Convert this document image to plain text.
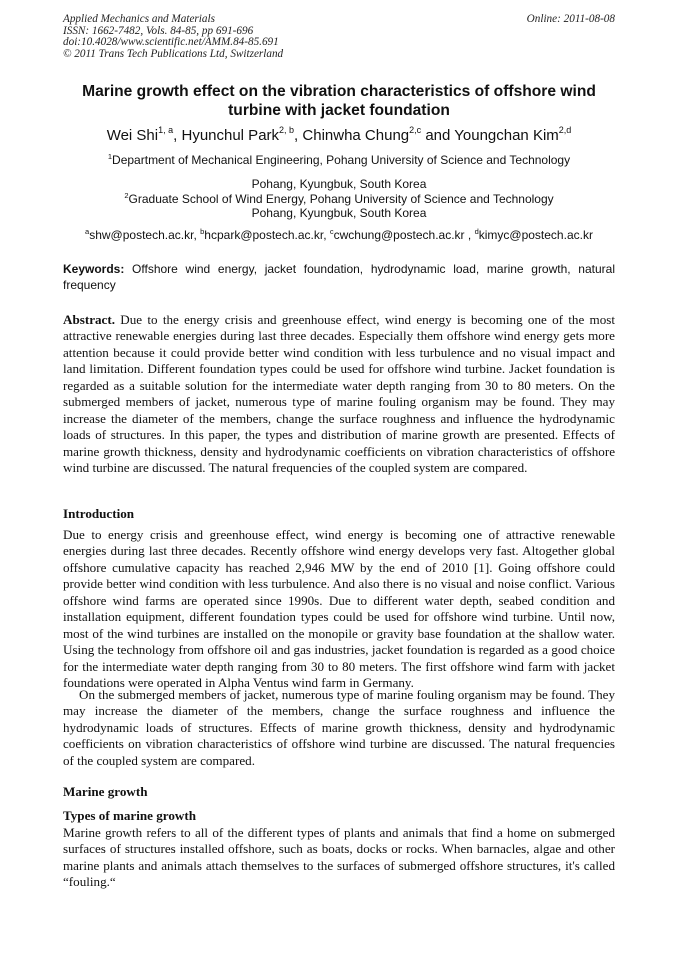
Applied Mechanics and Materials
ISSN: 1662-7482, Vols. 84-85, pp 691-696
doi:10.4028/www.scientific.net/AMM.84-85.691
© 2011 Trans Tech Publications Ltd, Switzerland
Online: 2011-08-08
Marine growth effect on the vibration characteristics of offshore wind
turbine with jacket foundation
Wei Shi$^{1, a}$, Hyunchul Park$^{2, b}$, Chinwha Chung$^{2,c}$ and Youngchan Kim$^{2,d}$
$^1$Department of Mechanical Engineering, Pohang University of Science and Technology
Pohang, Kyungbuk, South Korea
$^2$Graduate School of Wind Energy, Pohang University of Science and Technology
Pohang, Kyungbuk, South Korea
$^a$shw@postech.ac.kr, $^b$hcpark@postech.ac.kr, $^c$cwchung@postech.ac.kr , $^d$kimyc@postech.ac.kr
Keywords: Offshore wind energy, jacket foundation, hydrodynamic load, marine growth, natural frequency
Abstract. Due to the energy crisis and greenhouse effect, wind energy is becoming one of the most attractive renewable energies during last three decades. Especially them offshore wind energy gets more attention because it could provide better wind condition with less turbulence and no visual impact and land limitation. Different foundation types could be used for offshore wind turbine. Jacket foundation is regarded as a suitable solution for the intermediate water depth ranging from 30 to 80 meters. On the submerged members of jacket, numerous type of marine fouling organism may be found. They may increase the diameter of the members, change the surface roughness and influence the hydrodynamic loads of structures. In this paper, the types and distribution of marine growth are presented. Effects of marine growth thickness, density and hydrodynamic coefficients on vibration characteristics of offshore wind turbine are discussed. The natural frequencies of the coupled system are compared.
Introduction
Due to energy crisis and greenhouse effect, wind energy is becoming one of attractive renewable energies during last three decades. Recently offshore wind energy develops very fast. Altogether global offshore cumulative capacity has reached 2,946 MW by the end of 2010 [1]. Going offshore could provide better wind condition with less turbulence. And also there is no visual and noise conflict. Various offshore wind farms are operated since 1990s. Due to different water depth, seabed condition and installation equipment, different foundation types could be used for offshore wind turbine. Until now, most of the wind turbines are installed on the monopile or gravity base foundation at the shallow water. Using the technology from offshore oil and gas industries, jacket foundation is regarded as a good choice for the intermediate water depth ranging from 30 to 80 meters. The first offshore wind farm with jacket foundations were operated in Alpha Ventus wind farm in Germany.
On the submerged members of jacket, numerous type of marine fouling organism may be found. They may increase the diameter of the members, change the surface roughness and influence the hydrodynamic loads of structures. Effects of marine growth thickness, density and hydrodynamic coefficients on vibration characteristics of offshore wind turbine are discussed. The natural frequencies of the coupled system are compared.
Marine growth
Types of marine growth
Marine growth refers to all of the different types of plants and animals that find a home on submerged surfaces of structures installed offshore, such as boats, docks or rocks. When barnacles, algae and other marine plants and animals attach themselves to the surfaces of submerged offshore structures, it's called “fouling.“
